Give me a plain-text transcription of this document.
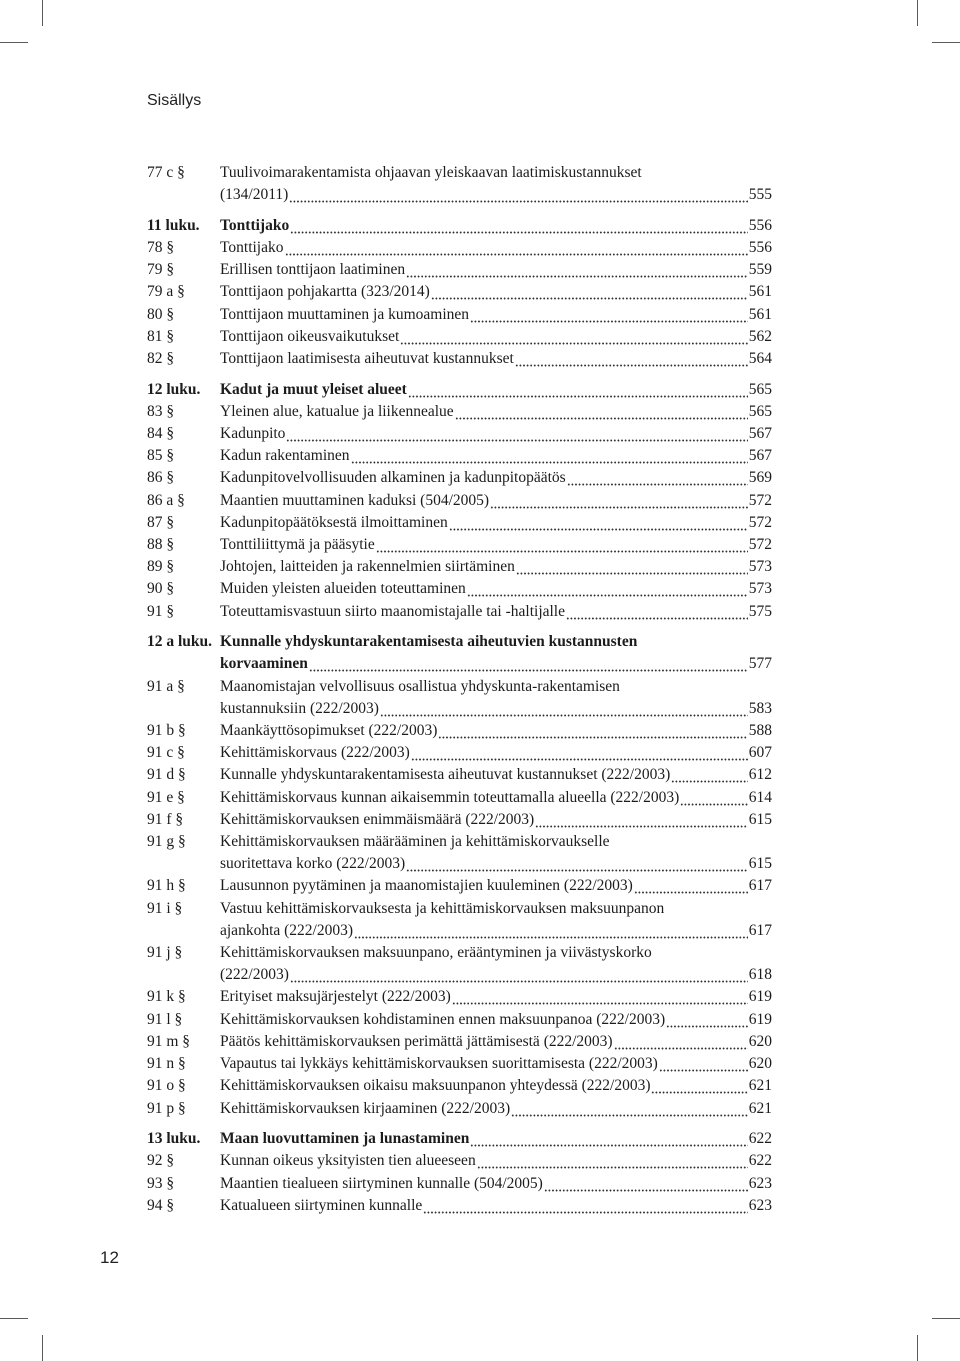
Sisällys
77 c § Tuulivoimarakentamista ohjaavan yleiskaavan laatimiskustannukset
(134/2011)	555
11 luku. Tonttijako	556
78 §	Tonttijako	556
79 §	Erillisen tonttijaon laatiminen	559
79 a § Tonttijaon pohjakartta (323/2014)	561
80 §	Tonttijaon muuttaminen ja kumoaminen	561
81 §	Tonttijaon oikeusvaikutukset	562
82 §	Tonttijaon laatimisesta aiheutuvat kustannukset	564
12 luku. Kadut ja muut yleiset alueet	565
83 §	Yleinen alue, katualue ja liikennealue	565
84 §	Kadunpito	567
85 §	Kadun rakentaminen	567
86 §	Kadunpitovelvollisuuden alkaminen ja kadunpitopäätös	569
86 a § Maantien muuttaminen kaduksi (504/2005)	572
87 §	Kadunpitopäätöksestä ilmoittaminen	572
88 §	Tonttiliittymä ja pääsytie	572
89 §	Johtojen, laitteiden ja rakennelmien siirtäminen	573
90 §	Muiden yleisten alueiden toteuttaminen	573
91 §	Toteuttamisvastuun siirto maanomistajalle tai -haltijalle	575
12 a luku. Kunnalle yhdyskuntarakentamisesta aiheutuvien kustannusten
korvaaminen	577
91 a § Maanomistajan velvollisuus osallistua yhdyskunta-rakentamisen
kustannuksiin (222/2003)	583
91 b § Maankäyttösopimukset (222/2003)	588
91 c § Kehittämiskorvaus (222/2003)	607
91 d § Kunnalle yhdyskuntarakentamisesta aiheutuvat kustannukset (222/2003)	612
91 e § Kehittämiskorvaus kunnan aikaisemmin toteuttamalla alueella (222/2003)	614
91 f § Kehittämiskorvauksen enimmäismäärä (222/2003)	615
91 g § Kehittämiskorvauksen määrääminen ja kehittämiskorvaukselle
suoritettava korko (222/2003)	615
91 h § Lausunnon pyytäminen ja maanomistajien kuuleminen (222/2003)	617
91 i § Vastuu kehittämiskorvauksesta ja kehittämiskorvauksen maksuunpanon
ajankohta (222/2003)	617
91 j § Kehittämiskorvauksen maksuunpano, erääntyminen ja viivästyskorko
(222/2003)	618
91 k § Erityiset maksujärjestelyt (222/2003)	619
91 l § Kehittämiskorvauksen kohdistaminen ennen maksuunpanoa (222/2003)	619
91 m § Päätös kehittämiskorvauksen perimättä jättämisestä (222/2003)	620
91 n § Vapautus tai lykkäys kehittämiskorvauksen suorittamisesta (222/2003)	620
91 o § Kehittämiskorvauksen oikaisu maksuunpanon yhteydessä (222/2003)	621
91 p § Kehittämiskorvauksen kirjaaminen (222/2003)	621
13 luku. Maan luovuttaminen ja lunastaminen	622
92 §	Kunnan oikeus yksityisten tien alueeseen	622
93 §	Maantien tiealueen siirtyminen kunnalle (504/2005)	623
94 §	Katualueen siirtyminen kunnalle	623
12
